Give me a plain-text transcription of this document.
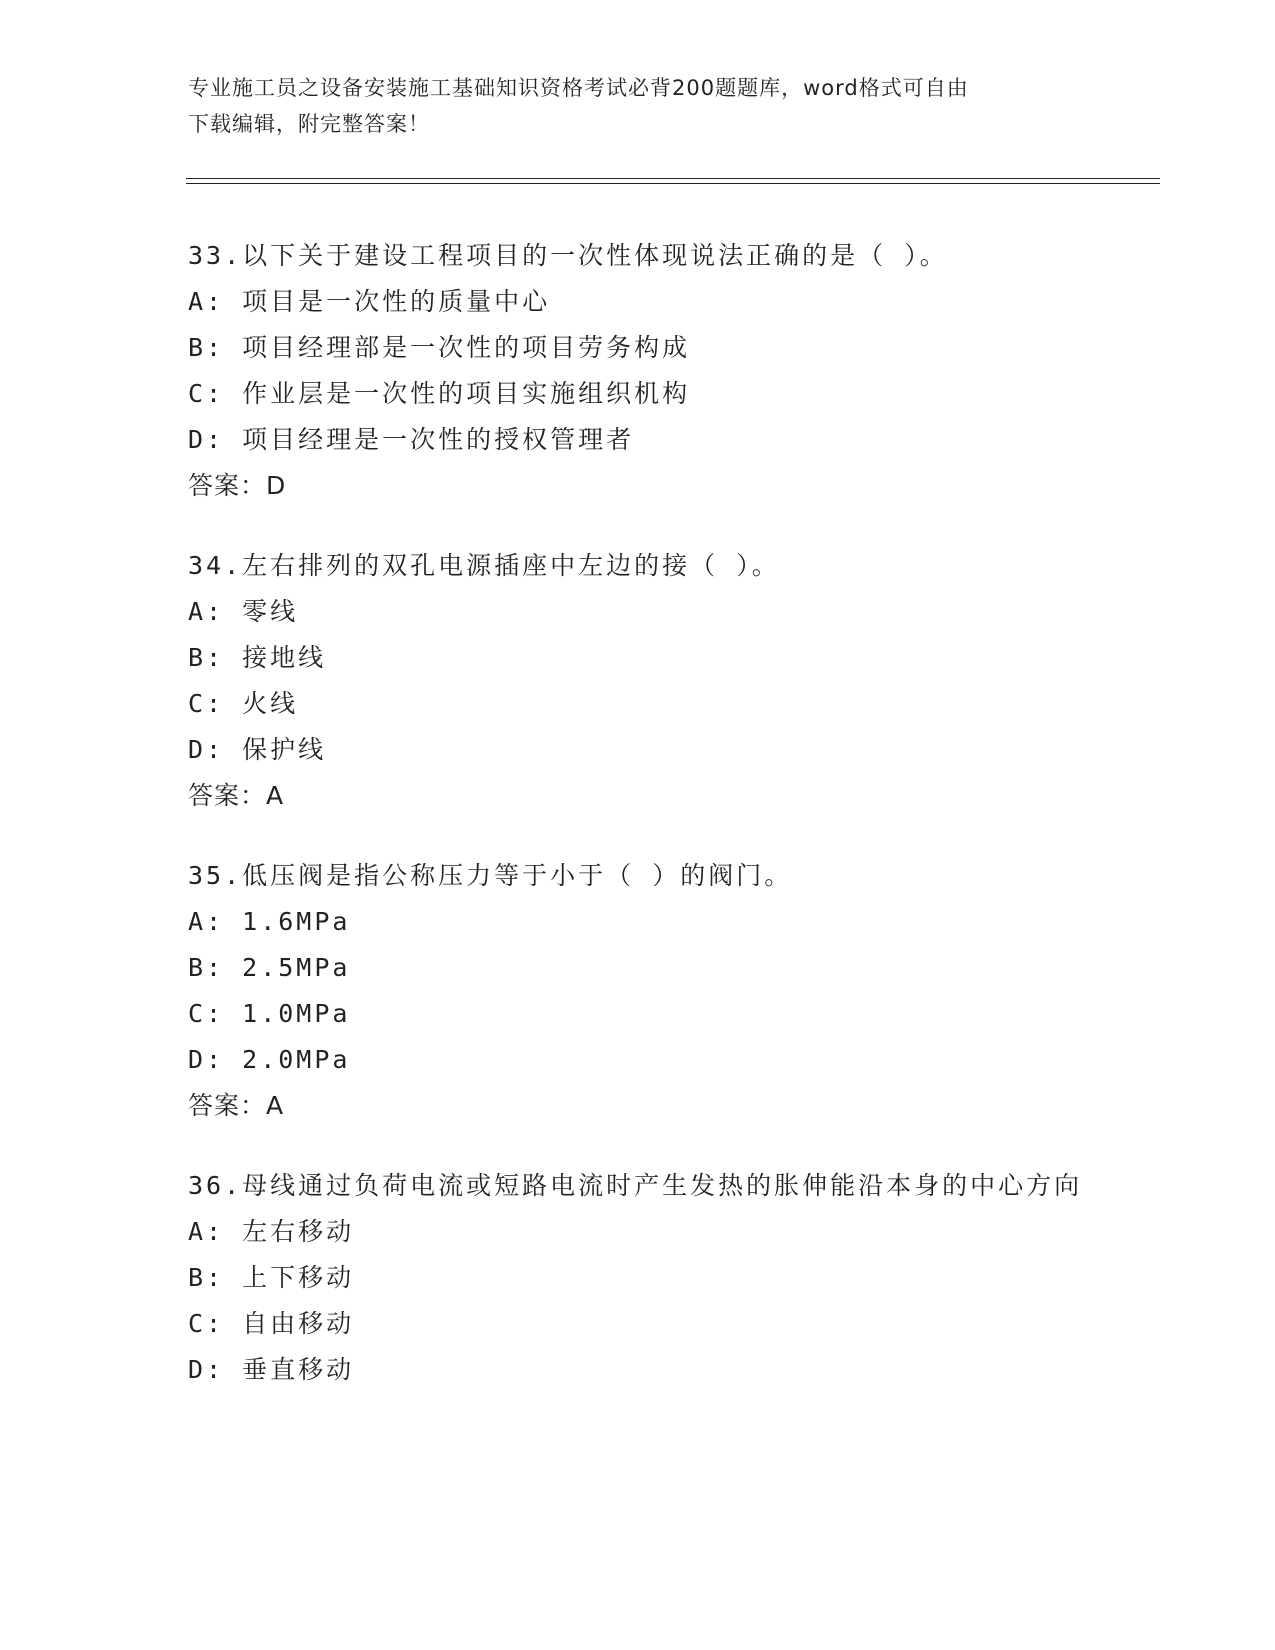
专业施工员之设备安装施工基础知识资格考试必背200题题库，word格式可自由
下载编辑，附完整答案！
33.以下关于建设工程项目的一次性体现说法正确的是（ ）。
A: 项目是一次性的质量中心
B: 项目经理部是一次性的项目劳务构成
C: 作业层是一次性的项目实施组织机构
D: 项目经理是一次性的授权管理者
答案：D
34.左右排列的双孔电源插座中左边的接（ ）。
A: 零线
B: 接地线
C: 火线
D: 保护线
答案：A
35.低压阀是指公称压力等于小于（ ）的阀门。
A: 1.6MPa
B: 2.5MPa
C: 1.0MPa
D: 2.0MPa
答案：A
36.母线通过负荷电流或短路电流时产生发热的胀伸能沿本身的中心方向
A: 左右移动
B: 上下移动
C: 自由移动
D: 垂直移动
